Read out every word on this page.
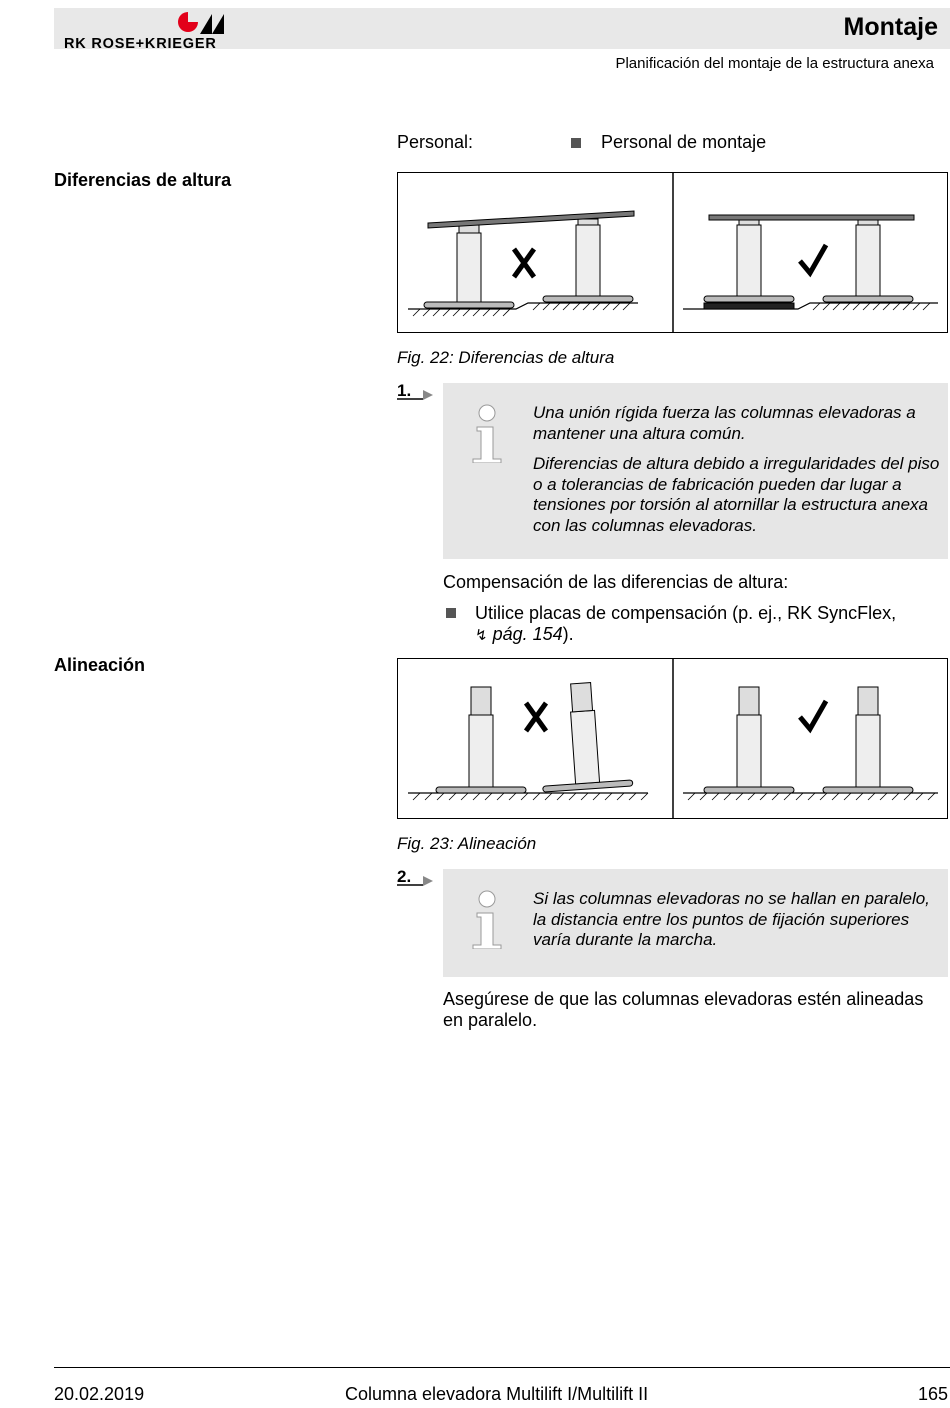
RK ROSE+KRIEGER
Montaje
Planificación del montaje de la estructura anexa
Personal:	Personal de montaje
Diferencias de altura
Fig. 22: Diferencias de altura
1.

Una unión rígida fuerza las columnas elevadoras a mantener una altura común.

Diferencias de altura debido a irregularidades del piso o a tolerancias de fabricación pueden dar lugar a tensiones por torsión al atornillar la estructura anexa con las columnas elevadoras.

Compensación de las diferencias de altura:
Utilice placas de compensación (p. ej., RK SyncFlex,
↯ pág. 154).
Alineación
Fig. 23: Alineación
2.

Si las columnas elevadoras no se hallan en paralelo, la distancia entre los puntos de fijación superiores varía durante la marcha.

Asegúrese de que las columnas elevadoras estén alineadas en paralelo.
20.02.2019	Columna elevadora Multilift I/Multilift II	165
